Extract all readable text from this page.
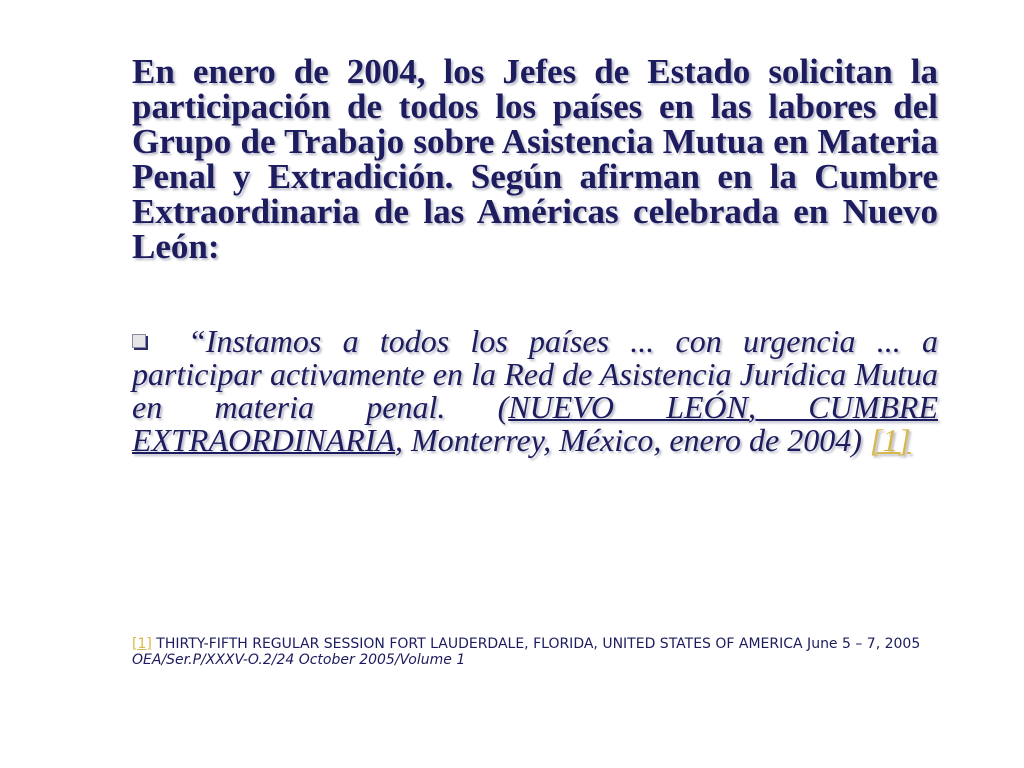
En enero de 2004, los Jefes de Estado solicitan la participación de todos los países en las labores del Grupo de Trabajo sobre Asistencia Mutua en Materia Penal y Extradición. Según afirman en la Cumbre Extraordinaria de las Américas celebrada en Nuevo León:

“Instamos a todos los países ... con urgencia ... a participar activamente en la Red de Asistencia Jurídica Mutua en materia penal. (NUEVO LEÓN, CUMBRE EXTRAORDINARIA, Monterrey, México, enero de 2004) [1]
[1] THIRTY-FIFTH REGULAR SESSION FORT LAUDERDALE, FLORIDA, UNITED STATES OF AMERICA June 5 – 7, 2005 OEA/Ser.P/XXXV-O.2/24 October 2005/Volume 1
